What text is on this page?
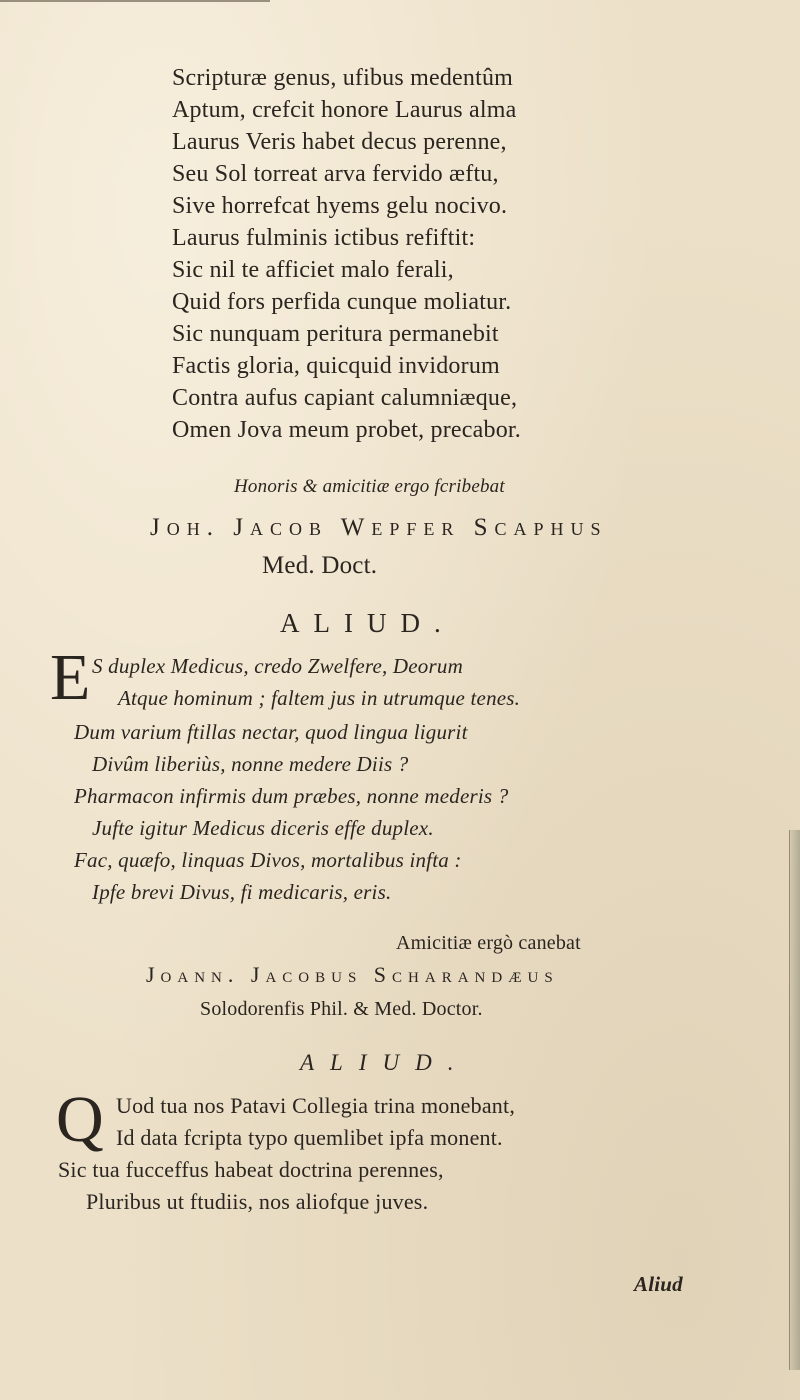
Scripturæ genus, ufibus medentûm
Aptum, crefcit honore Laurus alma
Laurus Veris habet decus perenne,
Seu Sol torreat arva fervido æftu,
Sive horrefcat hyems gelu nocivo.
Laurus fulminis ictibus refiftit:
Sic nil te afficiet malo ferali,
Quid fors perfida cunque moliatur.
Sic nunquam peritura permanebit
Factis gloria, quicquid invidorum
Contra aufus capiant calumniæque,
Omen Jova meum probet, precabor.
Honoris & amicitiæ ergo fcribebat
Joh. Jacob Wepfer Scaphus
Med. Doct.
ALIUD.
E S duplex Medicus, credo Zwelfere, Deorum
Atque hominum ; faltem jus in utrumque tenes.
Dum varium ftillas nectar, quod lingua ligurit
Divûm liberiùs, nonne medere Diis ?
Pharmacon infirmis dum præbes, nonne mederis ?
Jufte igitur Medicus diceris effe duplex.
Fac, quæfo, linquas Divos, mortalibus infta :
Ipfe brevi Divus, fi medicaris, eris.
Amicitiæ ergò canebat
Joann. Jacobus Scharandæus
Solodorenfis Phil. & Med. Doctor.
ALIUD.
Q Uod tua nos Patavi Collegia trina monebant,
Id data fcripta typo quemlibet ipfa monent.
Sic tua fucceffus habeat doctrina perennes,
Pluribus ut ftudiis, nos aliofque juves.
Aliud
